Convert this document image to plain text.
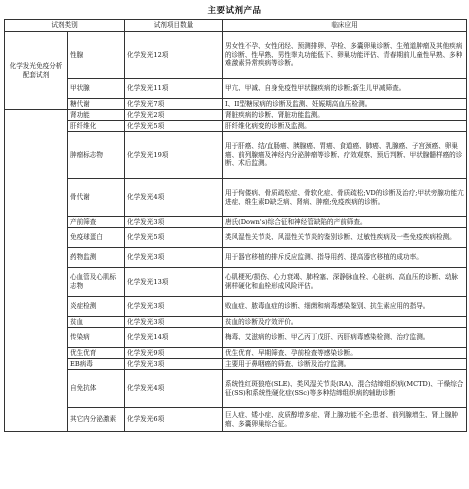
主要试剂产品
试剂类别		试剂项目数量	临床应用
化学发光免疫分析配套试剂	性腺	化学发光12项	男女性不孕、女性闭经、预测排卵、孕检、多囊卵巢诊断、生殖道肿瘤及其他疾病的诊断、性早熟、男性睾丸功能低下、卵巢功能评估、青春期前儿童性早熟、多种难激素异常疾病等诊断。
	甲状腺	化学发光11项	甲亢、甲减、自身免疫性甲状腺疾病的诊断;新生儿甲减筛查。
	糖代谢	化学发光7项	I、II型糖尿病的诊断及监测、妊娠期高血压检测。
	肾功能	化学发光2项	肾脏疾病的诊断、肾脏功能监测。
	肝纤维化	化学发光5项	肝纤维化病变的诊断及监测。
	肿瘤标志物	化学发光19项	用于肝癌、结/直肠癌、胰腺癌、胃癌、食道癌、肺癌、乳腺癌、子宫颈癌、卵巢癌、前列腺癌及神经内分泌肿瘤等诊断、疗效观察、预后判断、甲状腺髓样癌的诊断、术后监测。
	骨代谢	化学发光4项	用于佝偻病、骨质疏松症、骨软化症、骨质疏松;VD的诊断及治疗;甲状旁腺功能亢进症、维生素D缺乏病、肾病、肿瘤;免疫疾病的诊断。
	产前筛查	化学发光3项	唐氏(Down's)综合征和神经管缺陷的产前筛查。
	免疫球蛋白	化学发光5项	类风湿性关节炎、风湿性关节炎的鉴别诊断、过敏性疾病及一些免疫疾病检测。
	药物监测	化学发光3项	用于器官移植的排斥反应监测、指导用药、提高器官移植的成功率。
	心血管及心肌标志物	化学发光13项	心肌梗死/损伤、心力衰竭、肺栓塞、深静脉血栓、心脏病、高血压的诊断、动脉粥样硬化和血栓形成风险评估。
	炎症检测	化学发光3项	败血症、脓毒血症的诊断、细菌和病毒感染鉴别、抗生素应用的指导。
	贫血	化学发光3项	贫血的诊断及疗效评价。
	传染病	化学发光14项	梅毒、艾滋病的诊断、甲乙丙丁戊肝、丙肝病毒感染检测、治疗监测。
	优生优育	化学发光9项	优生优育、早期筛查、孕前检查等感染诊断。
	EB病毒	化学发光3项	主要用于鼻咽癌的筛查、诊断及治疗监测。
	自免抗体	化学发光4项	系统性红斑狼疮(SLE)、类风湿关节炎(RA)、混合结缔组织病(MCTD)、干燥综合征(SS)和系统性硬化症(SSc)等多种结缔组织病的辅助诊断
	其它内分泌激素	化学发光6项	巨人症、矮小症、皮质醇增多症、肾上腺功能不全;患者、前列腺增生、肾上腺肿瘤、多囊卵巢综合征。
